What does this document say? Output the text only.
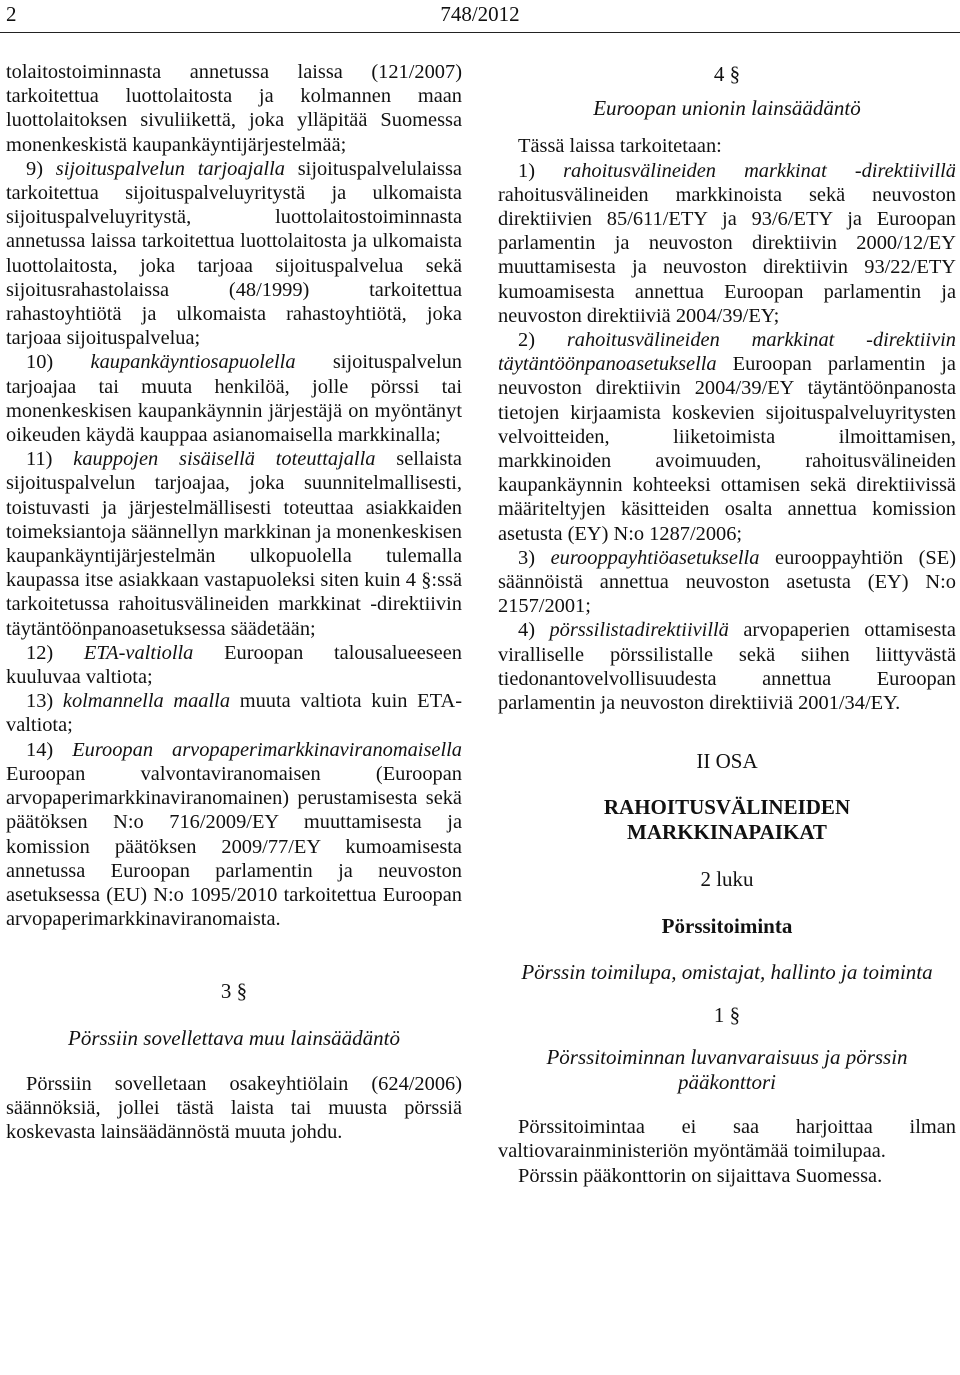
2	748/2012

tolaitostoiminnasta annetussa laissa (121/2007) tarkoitettua luottolaitosta ja kolmannen maan luottolaitoksen sivuliikettä, joka ylläpitää Suomessa monenkeskistä kaupankäyntijärjestelmää;

9) sijoituspalvelun tarjoajalla sijoituspalvelulaissa tarkoitettua sijoituspalveluyritystä ja ulkomaista sijoituspalveluyritystä, luottolaitostoiminnasta annetussa laissa tarkoitettua luottolaitosta ja ulkomaista luottolaitosta, joka tarjoaa sijoituspalvelua sekä sijoitusrahastolaissa (48/1999) tarkoitettua rahastoyhtiötä ja ulkomaista rahastoyhtiötä, joka tarjoaa sijoituspalvelua;

10) kaupankäyntiosapuolella sijoituspalvelun tarjoajaa tai muuta henkilöä, jolle pörssi tai monenkeskisen kaupankäynnin järjestäjä on myöntänyt oikeuden käydä kauppaa asianomaisella markkinalla;

11) kauppojen sisäisellä toteuttajalla sellaista sijoituspalvelun tarjoajaa, joka suunnitelmallisesti, toistuvasti ja järjestelmällisesti toteuttaa asiakkaiden toimeksiantoja säännellyn markkinan ja monenkeskisen kaupankäyntijärjestelmän ulkopuolella tulemalla kaupassa itse asiakkaan vastapuoleksi siten kuin 4 §:ssä tarkoitetussa rahoitusvälineiden markkinat -direktiivin täytäntöönpanoasetuksessa säädetään;

12) ETA-valtiolla Euroopan talousalueeseen kuuluvaa valtiota;

13) kolmannella maalla muuta valtiota kuin ETA-valtiota;

14) Euroopan arvopaperimarkkinaviranomaisella Euroopan valvontaviranomaisen (Euroopan arvopaperimarkkinaviranomainen) perustamisesta sekä päätöksen N:o 716/2009/EY muuttamisesta ja komission päätöksen 2009/77/EY kumoamisesta annetussa Euroopan parlamentin ja neuvoston asetuksessa (EU) N:o 1095/2010 tarkoitettua Euroopan arvopaperimarkkinaviranomaista.

3 §

Pörssiin sovellettava muu lainsäädäntö

Pörssiin sovelletaan osakeyhtiölain (624/2006) säännöksiä, jollei tästä laista tai muusta pörssiä koskevasta lainsäädännöstä muuta johdu.

4 §

Euroopan unionin lainsäädäntö

Tässä laissa tarkoitetaan:

1) rahoitusvälineiden markkinat -direktiivillä rahoitusvälineiden markkinoista sekä neuvoston direktiivien 85/611/ETY ja 93/6/ETY ja Euroopan parlamentin ja neuvoston direktiivin 2000/12/EY muuttamisesta ja neuvoston direktiivin 93/22/ETY kumoamisesta annettua Euroopan parlamentin ja neuvoston direktiiviä 2004/39/EY;

2) rahoitusvälineiden markkinat -direktiivin täytäntöönpanoasetuksella Euroopan parlamentin ja neuvoston direktiivin 2004/39/EY täytäntöönpanosta tietojen kirjaamista koskevien sijoituspalveluyritysten velvoitteiden, liiketoimista ilmoittamisen, markkinoiden avoimuuden, rahoitusvälineiden kaupankäynnin kohteeksi ottamisen sekä direktiivissä määriteltyjen käsitteiden osalta annettua komission asetusta (EY) N:o 1287/2006;

3) eurooppayhtiöasetuksella eurooppayhtiön (SE) säännöistä annettua neuvoston asetusta (EY) N:o 2157/2001;

4) pörssilistadirektiivillä arvopaperien ottamisesta viralliselle pörssilistalle sekä siihen liittyvästä tiedonantovelvollisuudesta annettua Euroopan parlamentin ja neuvoston direktiiviä 2001/34/EY.

II OSA

RAHOITUSVÄLINEIDEN

MARKKINAPAIKAT

2 luku

Pörssitoiminta

Pörssin toimilupa, omistajat, hallinto ja toiminta

1 §

Pörssitoiminnan luvanvaraisuus ja pörssin pääkonttori

Pörssitoimintaa ei saa harjoittaa ilman valtiovarainministeriön myöntämää toimilupaa.

Pörssin pääkonttorin on sijaittava Suomessa.
